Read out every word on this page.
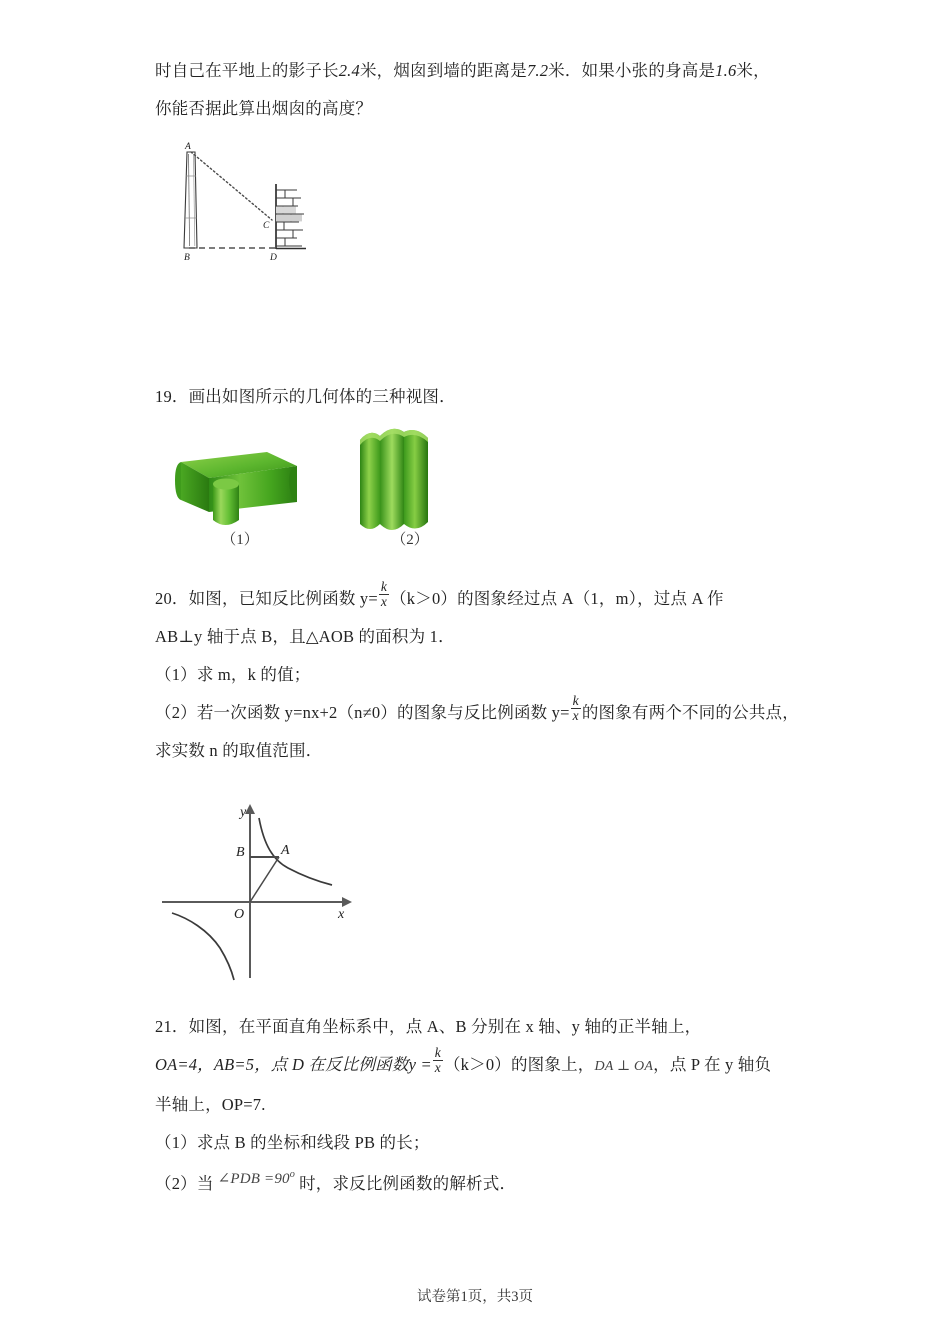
时自己在平地上的影子长2.4米，烟囱到墙的距离是7.2米．如果小张的身高是1.6米，
你能否据此算出烟囱的高度？
A
B
C
D
19．画出如图所示的几何体的三种视图．
（1）	（2）
20．如图，已知反比例函数 $y= \frac{k}{x} (k>0)$的图象经过点 A（1，m），过点 A 作
AB⊥y 轴于点 B，且△AOB 的面积为 1．
（1）求 m，k 的值；
（2）若一次函数 y=nx+2（n≠0）的图象与反比例函数 $y= \frac{k}{x}$ 的图象有两个不同的公共点，
求实数 n 的取值范围．
B	A
O
y
x
21．如图，在平面直角坐标系中，点 A、B 分别在 x 轴、y 轴的正半轴上，
OA=4，AB=5，点 D 在反比例函数$y = \frac{k}{x} (k>0)$的图象上，DA ⊥ OA，点 P 在 y 轴负
半轴上，OP=7.
（1）求点 B 的坐标和线段 PB 的长；
（2）当 ∠PDB $=90^o$ 时，求反比例函数的解析式．
试卷第1页，共3页
